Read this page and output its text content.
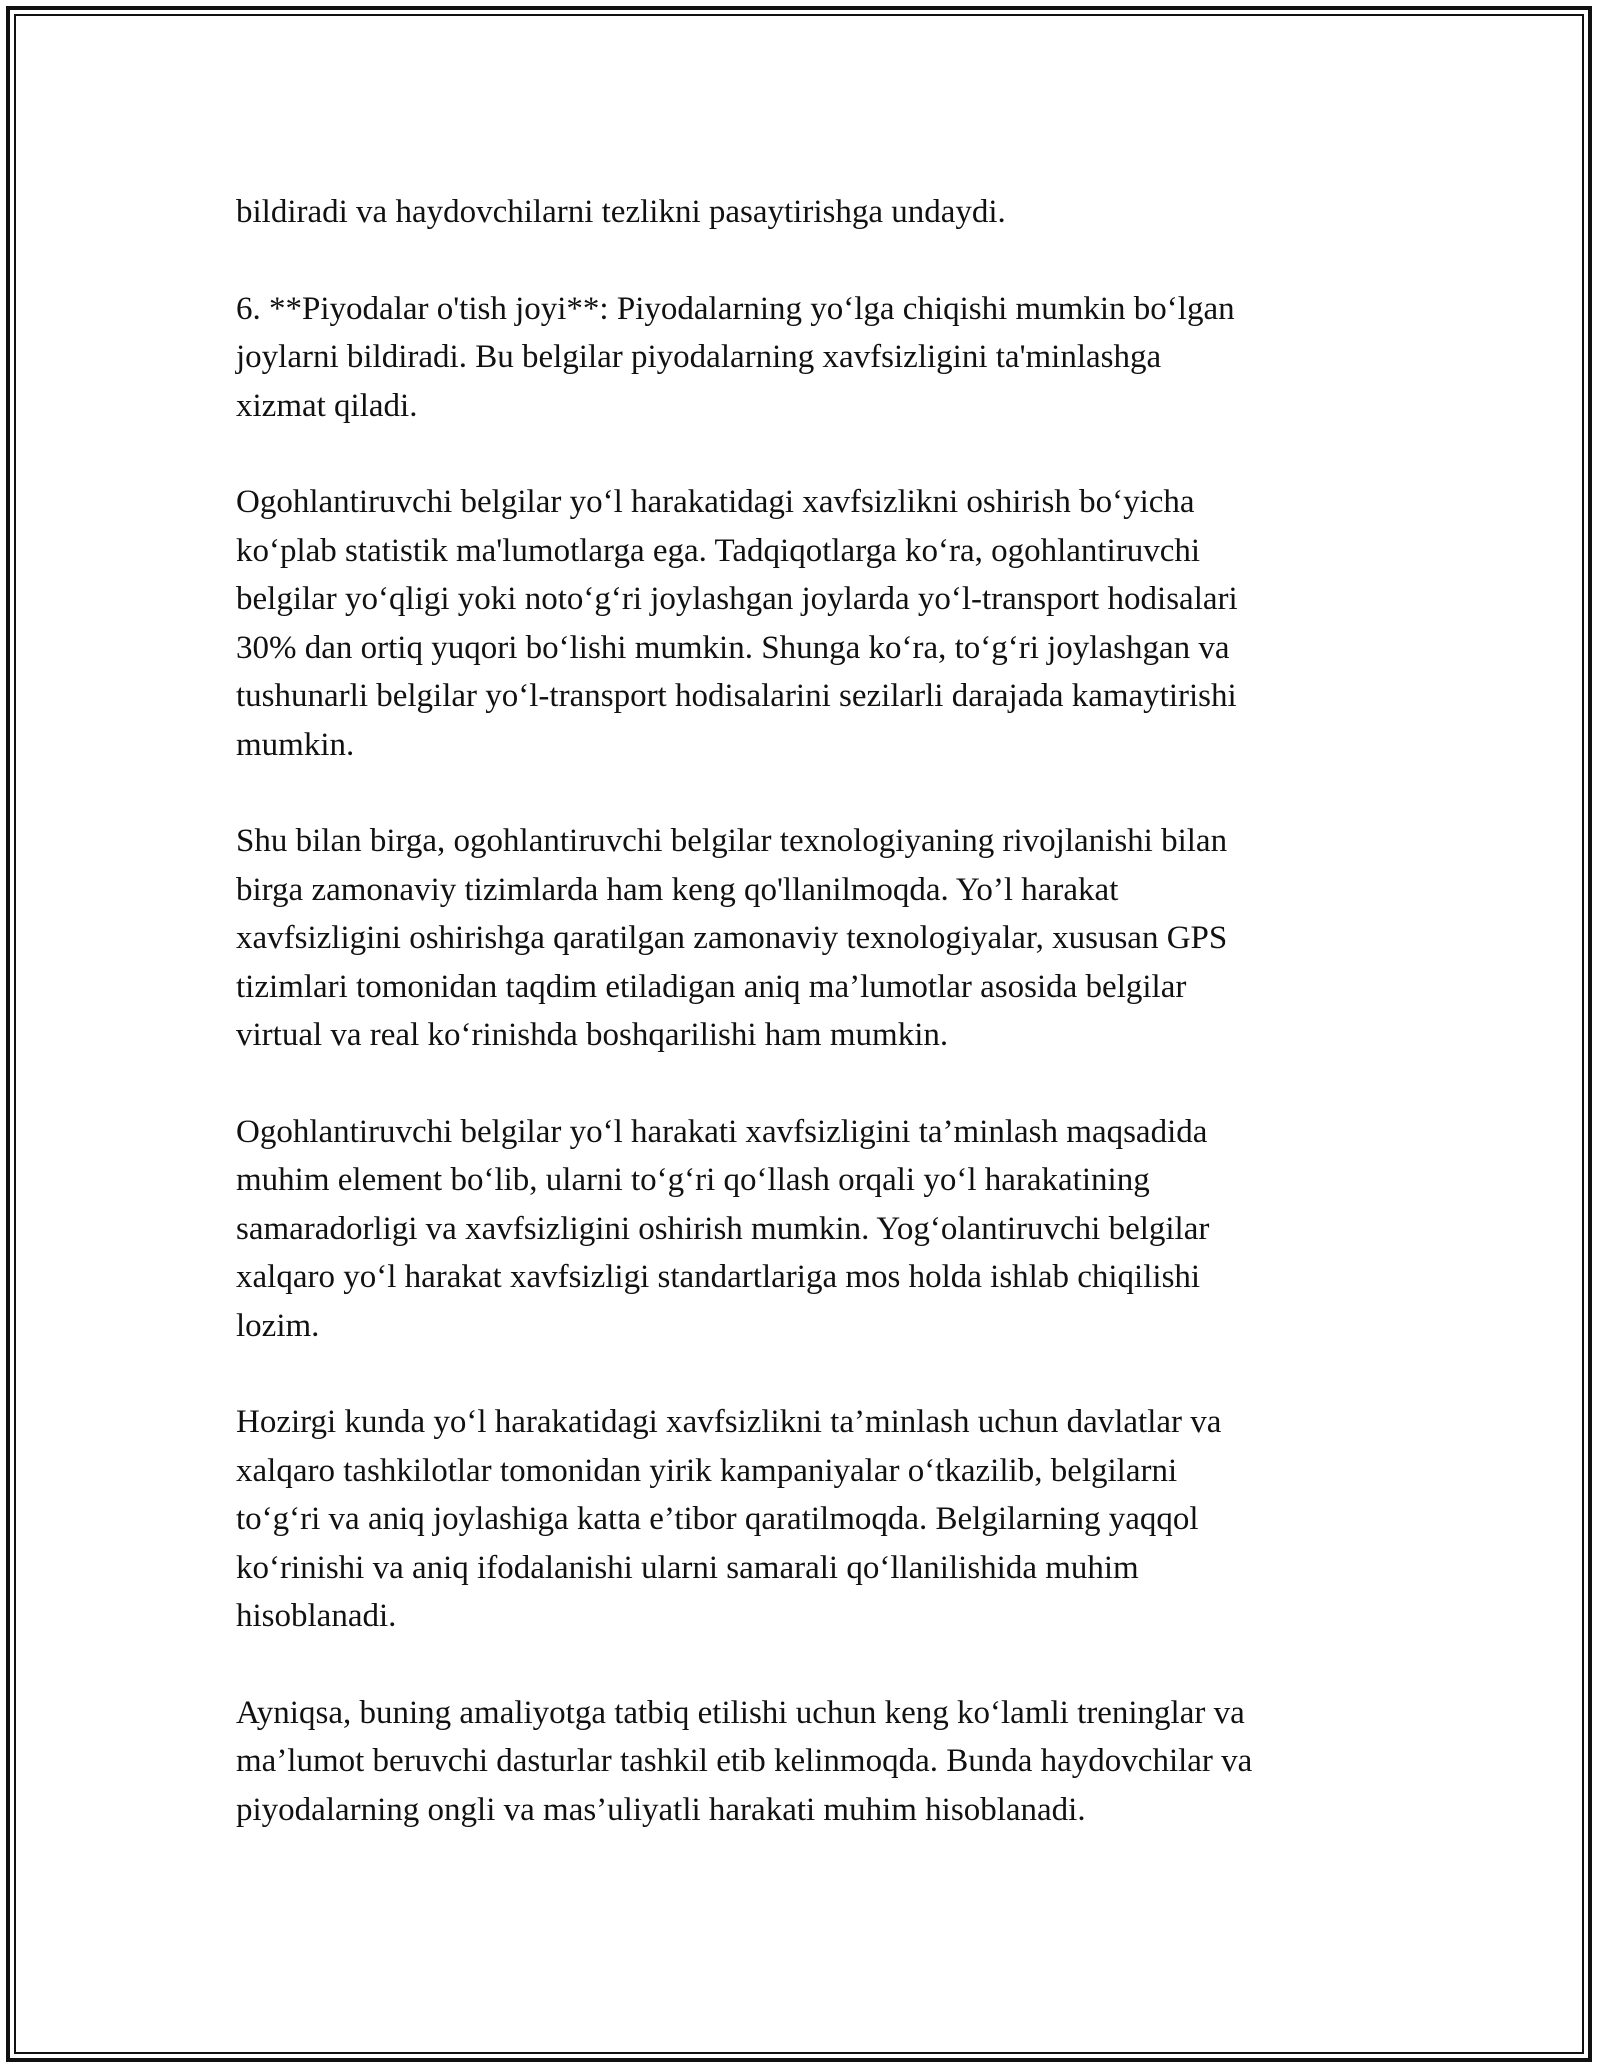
bildiradi va haydovchilarni tezlikni pasaytirishga undaydi.

6. **Piyodalar o'tish joyi**: Piyodalarning yo‘lga chiqishi mumkin bo‘lgan
joylarni bildiradi. Bu belgilar piyodalarning xavfsizligini ta'minlashga
xizmat qiladi.

Ogohlantiruvchi belgilar yo‘l harakatidagi xavfsizlikni oshirish bo‘yicha
ko‘plab statistik ma'lumotlarga ega. Tadqiqotlarga ko‘ra, ogohlantiruvchi
belgilar yo‘qligi yoki noto‘g‘ri joylashgan joylarda yo‘l-transport hodisalari
30% dan ortiq yuqori bo‘lishi mumkin. Shunga ko‘ra, to‘g‘ri joylashgan va
tushunarli belgilar yo‘l-transport hodisalarini sezilarli darajada kamaytirishi
mumkin.

Shu bilan birga, ogohlantiruvchi belgilar texnologiyaning rivojlanishi bilan
birga zamonaviy tizimlarda ham keng qo'llanilmoqda. Yo’l harakat
xavfsizligini oshirishga qaratilgan zamonaviy texnologiyalar, xususan GPS
tizimlari tomonidan taqdim etiladigan aniq ma’lumotlar asosida belgilar
virtual va real ko‘rinishda boshqarilishi ham mumkin.

Ogohlantiruvchi belgilar yo‘l harakati xavfsizligini ta’minlash maqsadida
muhim element bo‘lib, ularni to‘g‘ri qo‘llash orqali yo‘l harakatining
samaradorligi va xavfsizligini oshirish mumkin. Yog‘olantiruvchi belgilar
xalqaro yo‘l harakat xavfsizligi standartlariga mos holda ishlab chiqilishi
lozim.

Hozirgi kunda yo‘l harakatidagi xavfsizlikni ta’minlash uchun davlatlar va
xalqaro tashkilotlar tomonidan yirik kampaniyalar o‘tkazilib, belgilarni
to‘g‘ri va aniq joylashiga katta e’tibor qaratilmoqda. Belgilarning yaqqol
ko‘rinishi va aniq ifodalanishi ularni samarali qo‘llanilishida muhim
hisoblanadi.

Ayniqsa, buning amaliyotga tatbiq etilishi uchun keng ko‘lamli treninglar va
ma’lumot beruvchi dasturlar tashkil etib kelinmoqda. Bunda haydovchilar va
piyodalarning ongli va mas’uliyatli harakati muhim hisoblanadi.
